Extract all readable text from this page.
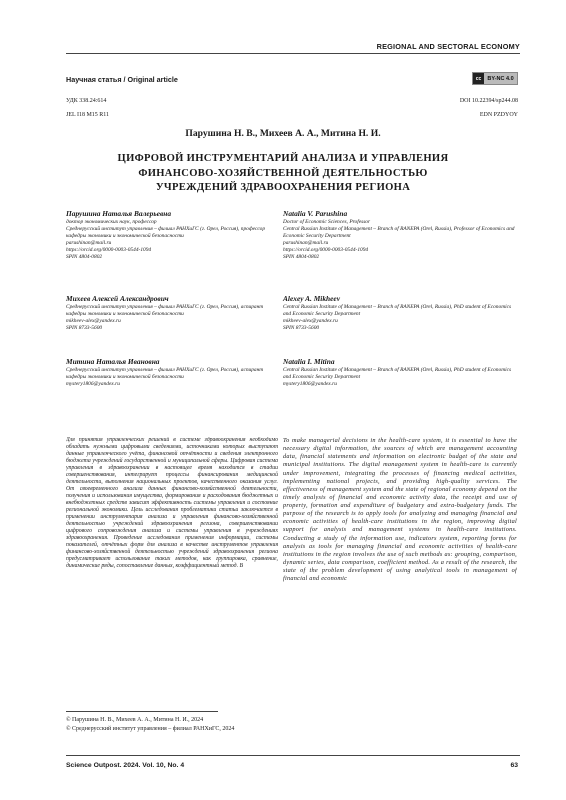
REGIONAL AND SECTORAL ECONOMY
Научная статья / Original article	cc	BY-NC 4.0
УДК 338.24:614	DOI 10.22394/sp244.08
JEL I18 M15 R11	EDN PZDYOY
Парушина Н. В., Михеев А. А., Митина Н. И.
ЦИФРОВОЙ ИНСТРУМЕНТАРИЙ АНАЛИЗА И УПРАВЛЕНИЯ
ФИНАНСОВО-ХОЗЯЙСТВЕННОЙ ДЕЯТЕЛЬНОСТЬЮ
УЧРЕЖДЕНИЙ ЗДРАВООХРАНЕНИЯ РЕГИОНА
Парушина Наталья Валерьевна
доктор экономических наук, профессор
Среднерусский институт управления – филиал РАНХиГС (г. Орел, Россия), профессор кафедры экономики и экономической безопасности
parushinan@mail.ru
https://orcid.org/0000-0003-0544-1094
SPIN 4804-0802
Natalia V. Parushina
Doctor of Economic Sciences, Professor
Central Russian Institute of Management – Branch of RANEPA (Orel, Russia), Professor of Economics and Economic Security Department
parushinan@mail.ru
https://orcid.org/0000-0003-0544-1094
SPIN 4804-0802
Михеев Алексей Александрович
Среднерусский институт управления – филиал РАНХиГС (г. Орел, Россия), аспирант кафедры экономики и экономической безопасности
mikheev-alex@yandex.ru
SPIN 8733-5600
Alexey A. Mikheev
Central Russian Institute of Management – Branch of RANEPA (Orel, Russia), PhD student of Economics and Economic Security Department
mikheev-alex@yandex.ru
SPIN 8733-5600
Митина Наталья Ивановна
Среднерусский институт управления – филиал РАНХиГС (г. Орел, Россия), аспирант кафедры экономики и экономической безопасности
mystery1806@yandex.ru
Natalia I. Mitina
Central Russian Institute of Management – Branch of RANEPA (Orel, Russia), PhD student of Economics and Economic Security Department
mystery1806@yandex.ru
Для принятия управленческих решений в системе здравоохранения необходимо обладать нужными цифровыми сведениями, источниками которых выступают данные управленческого учёта, финансовой отчётности и сведения электронного бюджета учреждений государственной и муниципальной сферы. Цифровая система управления в здравоохранении в настоящее время находится в стадии совершенствования, интегрирует процессы финансирования медицинской деятельности, выполнения национальных проектов, качественного оказания услуг. От своевременного анализа данных финансово-хозяйственной деятельности, получения и использования имущества, формирования и расходования бюджетных и внебюджетных средств зависит эффективность системы управления и состояние региональной экономики. Цель исследования проблематики статьи заключается в применении инструментария анализа и управления финансово-хозяйственной деятельностью учреждений здравоохранения региона, совершенствовании цифрового сопровождения анализа и системы управления в учреждениях здравоохранения. Проведение исследования применения информации, системы показателей, отчётных форм для анализа в качестве инструментов управления финансово-хозяйственной деятельностью учреждений здравоохранения региона предусматривает использование таких методов, как группировка, сравнение, динамические ряды, сопоставление данных, коэффициентный метод. В
To make managerial decisions in the health-care system, it is essential to have the necessary digital information, the sources of which are management accounting data, financial statements and information on electronic budget of the state and municipal institutions. The digital management system in health-care is currently under improvement, integrating the processes of financing medical activities, implementing national projects, and providing high-quality services. The effectiveness of management system and the state of regional economy depend on the timely analysis of financial and economic activity data, the receipt and use of property, formation and expenditure of budgetary and extra-budgetary funds. The purpose of the research is to apply tools for analyzing and managing financial and economic activities of health-care institutions in the region, improving digital support for analysis and management systems in health-care institutions. Conducting a study of the information use, indicators system, reporting forms for analysis as tools for managing financial and economic activities of health-care institutions in the region involves the use of such methods as: grouping, comparison, dynamic series, data comparison, coefficient method. As a result of the research, the state of the problem development of using analytical tools in management of financial and economic
© Парушина Н. В., Михеев А. А., Митина Н. И., 2024
© Среднерусский институт управления – филиал РАНХиГС, 2024
Science Outpost. 2024. Vol. 10, No. 4	63
